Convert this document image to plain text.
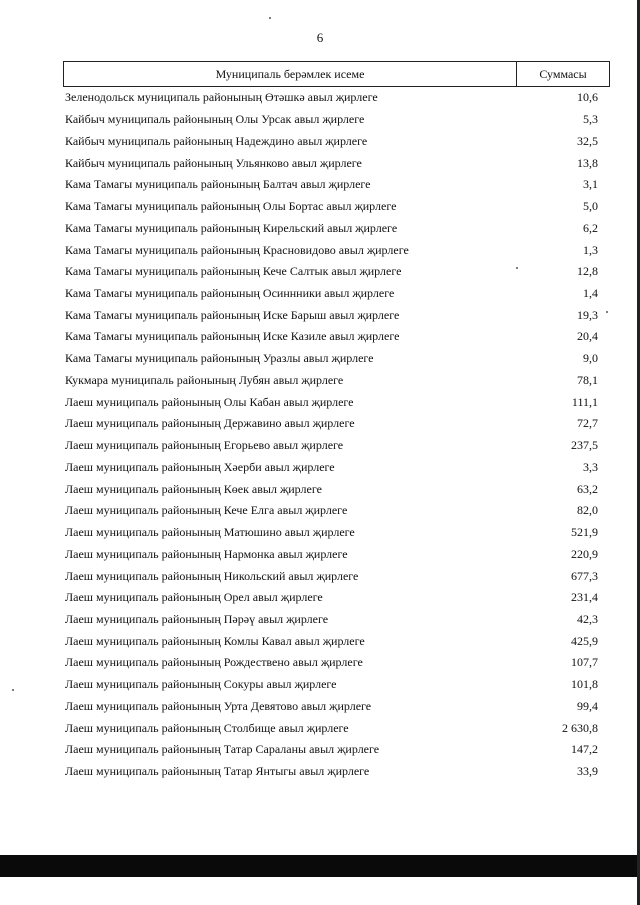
6
Муниципаль берәмлек исеме	Суммасы
Зеленодольск муниципаль районының Өтәшкә авыл җирлеге	10,6
Кайбыч муниципаль районының Олы Урсак авыл җирлеге	5,3
Кайбыч муниципаль районының Надеждино авыл җирлеге	32,5
Кайбыч муниципаль районының Ульянково авыл җирлеге	13,8
Кама Тамагы муниципаль районының Балтач авыл җирлеге	3,1
Кама Тамагы муниципаль районының Олы Бортас авыл җирлеге	5,0
Кама Тамагы муниципаль районының Кирельский авыл җирлеге	6,2
Кама Тамагы муниципаль районының Красновидово авыл җирлеге	1,3
Кама Тамагы муниципаль районының Кече Салтык авыл җирлеге	12,8
Кама Тамагы муниципаль районының Осиннники авыл җирлеге	1,4
Кама Тамагы муниципаль районының Иске Барыш авыл җирлеге	19,3
Кама Тамагы муниципаль районының Иске Казиле авыл җирлеге	20,4
Кама Тамагы муниципаль районының Уразлы авыл җирлеге	9,0
Кукмара муниципаль районының Лубян авыл җирлеге	78,1
Лаеш муниципаль районының Олы Кабан авыл җирлеге	111,1
Лаеш муниципаль районының Державино авыл җирлеге	72,7
Лаеш муниципаль районының Егорьево авыл җирлеге	237,5
Лаеш муниципаль районының Хәерби авыл җирлеге	3,3
Лаеш муниципаль районының Көек авыл җирлеге	63,2
Лаеш муниципаль районының Кече Елга авыл җирлеге	82,0
Лаеш муниципаль районының Матюшино авыл җирлеге	521,9
Лаеш муниципаль районының Нармонка авыл җирлеге	220,9
Лаеш муниципаль районының Никольский авыл җирлеге	677,3
Лаеш муниципаль районының Орел авыл җирлеге	231,4
Лаеш муниципаль районының Пәрәү авыл җирлеге	42,3
Лаеш муниципаль районының Комлы Кавал авыл җирлеге	425,9
Лаеш муниципаль районының Рождествено авыл җирлеге	107,7
Лаеш муниципаль районының Сокуры авыл җирлеге	101,8
Лаеш муниципаль районының Урта Девятово авыл җирлеге	99,4
Лаеш муниципаль районының Столбище авыл җирлеге	2 630,8
Лаеш муниципаль районының Татар Сараланы авыл җирлеге	147,2
Лаеш муниципаль районының Татар Янтыгы авыл җирлеге	33,9
